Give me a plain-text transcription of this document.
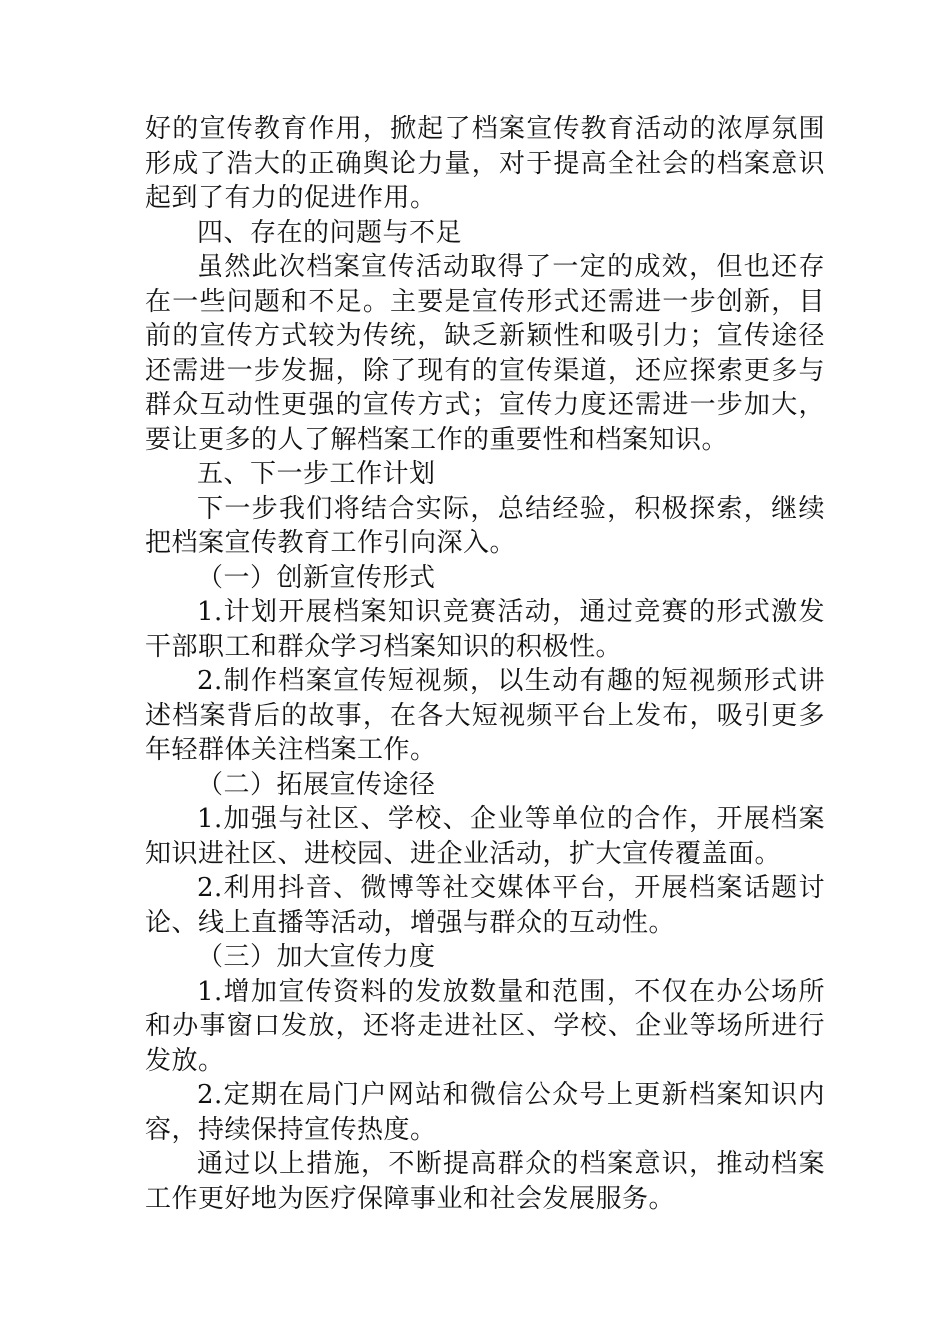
好的宣传教育作用，掀起了档案宣传教育活动的浓厚氛围形成了浩大的正确舆论力量，对于提高全社会的档案意识起到了有力的促进作用。

四、存在的问题与不足

虽然此次档案宣传活动取得了一定的成效，但也还存在一些问题和不足。主要是宣传形式还需进一步创新，目前的宣传方式较为传统，缺乏新颖性和吸引力；宣传途径还需进一步发掘，除了现有的宣传渠道，还应探索更多与群众互动性更强的宣传方式；宣传力度还需进一步加大，要让更多的人了解档案工作的重要性和档案知识。

五、下一步工作计划

下一步我们将结合实际，总结经验，积极探索，继续把档案宣传教育工作引向深入。

（一）创新宣传形式

1.计划开展档案知识竞赛活动，通过竞赛的形式激发干部职工和群众学习档案知识的积极性。

2.制作档案宣传短视频，以生动有趣的短视频形式讲述档案背后的故事，在各大短视频平台上发布，吸引更多年轻群体关注档案工作。

（二）拓展宣传途径

1.加强与社区、学校、企业等单位的合作，开展档案知识进社区、进校园、进企业活动，扩大宣传覆盖面。

2.利用抖音、微博等社交媒体平台，开展档案话题讨论、线上直播等活动，增强与群众的互动性。

（三）加大宣传力度

1.增加宣传资料的发放数量和范围，不仅在办公场所和办事窗口发放，还将走进社区、学校、企业等场所进行发放。

2.定期在局门户网站和微信公众号上更新档案知识内容，持续保持宣传热度。

通过以上措施，不断提高群众的档案意识，推动档案工作更好地为医疗保障事业和社会发展服务。
